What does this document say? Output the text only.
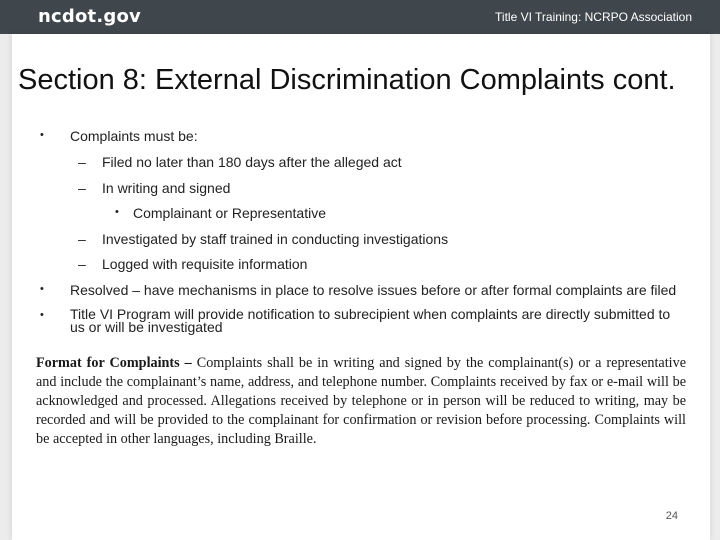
ncdot.gov	Title VI Training: NCRPO Association
Section 8: External Discrimination Complaints cont.
• Complaints must be:
– Filed no later than 180 days after the alleged act
– In writing and signed
• Complainant or Representative
– Investigated by staff trained in conducting investigations
– Logged with requisite information
• Resolved – have mechanisms in place to resolve issues before or after formal complaints are filed
• Title VI Program will provide notification to subrecipient when complaints are directly submitted to us or will be investigated

Format for Complaints – Complaints shall be in writing and signed by the complainant(s) or a representative and include the complainant’s name, address, and telephone number. Complaints received by fax or e-mail will be acknowledged and processed. Allegations received by telephone or in person will be reduced to writing, may be recorded and will be provided to the complainant for confirmation or revision before processing. Complaints will be accepted in other languages, including Braille.

24
